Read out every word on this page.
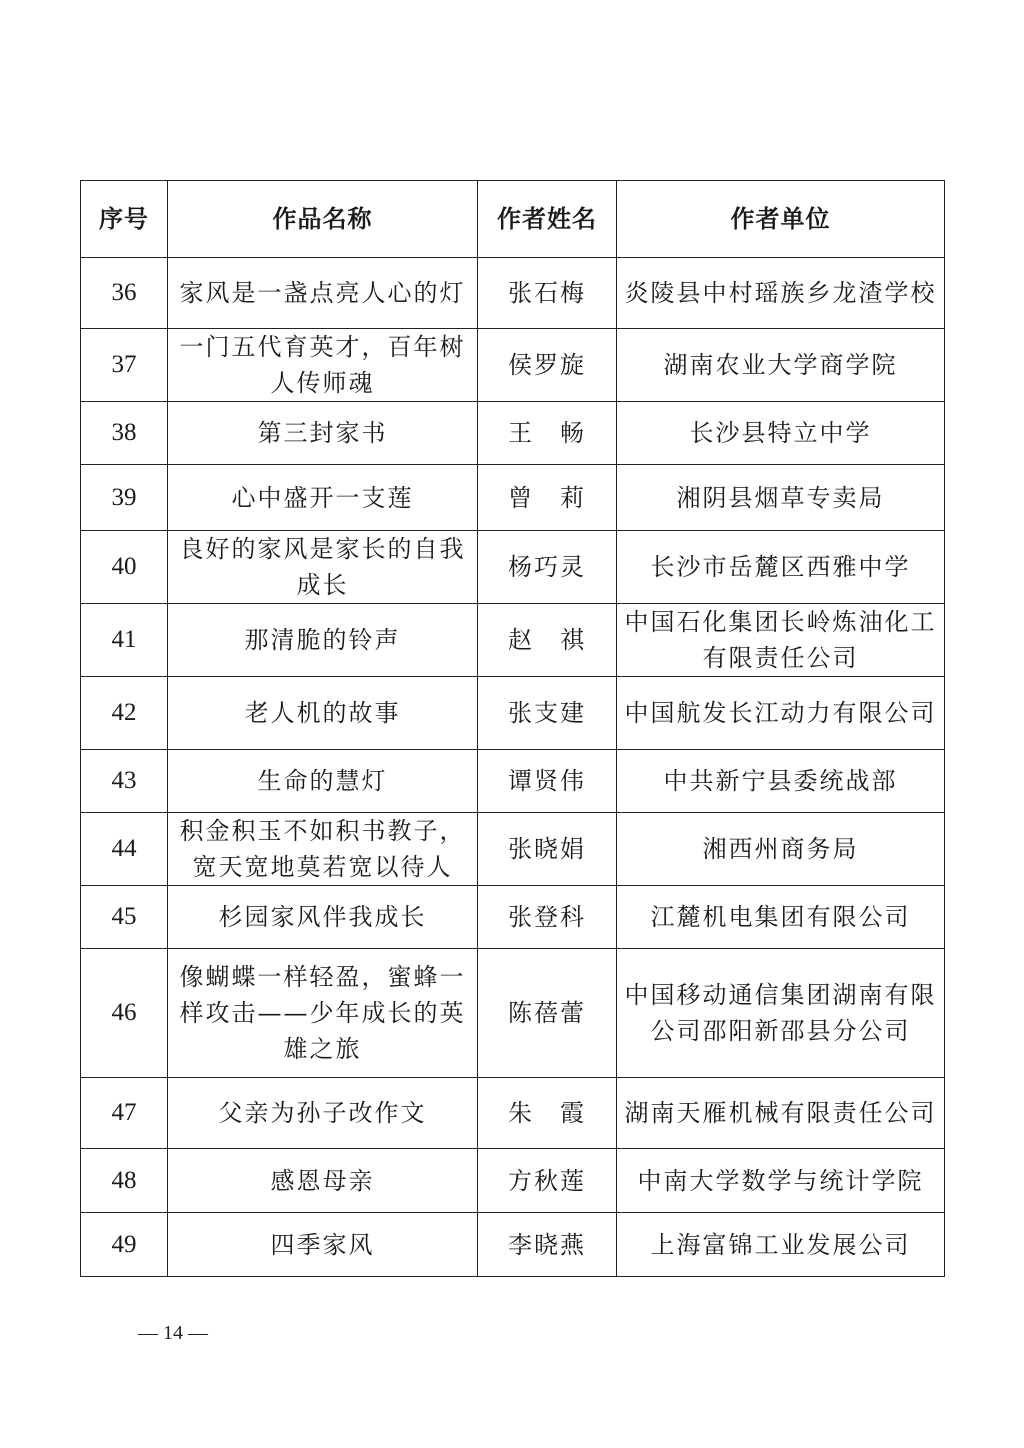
序号	作品名称	作者姓名	作者单位
36	家风是一盏点亮人心的灯	张石梅	炎陵县中村瑶族乡龙渣学校
37	一门五代育英才，百年树人传师魂	侯罗旋	湖南农业大学商学院
38	第三封家书	王　畅	长沙县特立中学
39	心中盛开一支莲	曾　莉	湘阴县烟草专卖局
40	良好的家风是家长的自我成长	杨巧灵	长沙市岳麓区西雅中学
41	那清脆的铃声	赵　祺	中国石化集团长岭炼油化工有限责任公司
42	老人机的故事	张支建	中国航发长江动力有限公司
43	生命的慧灯	谭贤伟	中共新宁县委统战部
44	积金积玉不如积书教子，宽天宽地莫若宽以待人	张晓娟	湘西州商务局
45	杉园家风伴我成长	张登科	江麓机电集团有限公司
46	像蝴蝶一样轻盈，蜜蜂一样攻击——少年成长的英雄之旅	陈蓓蕾	中国移动通信集团湖南有限公司邵阳新邵县分公司
47	父亲为孙子改作文	朱　霞	湖南天雁机械有限责任公司
48	感恩母亲	方秋莲	中南大学数学与统计学院
49	四季家风	李晓燕	上海富锦工业发展公司
— 14 —
